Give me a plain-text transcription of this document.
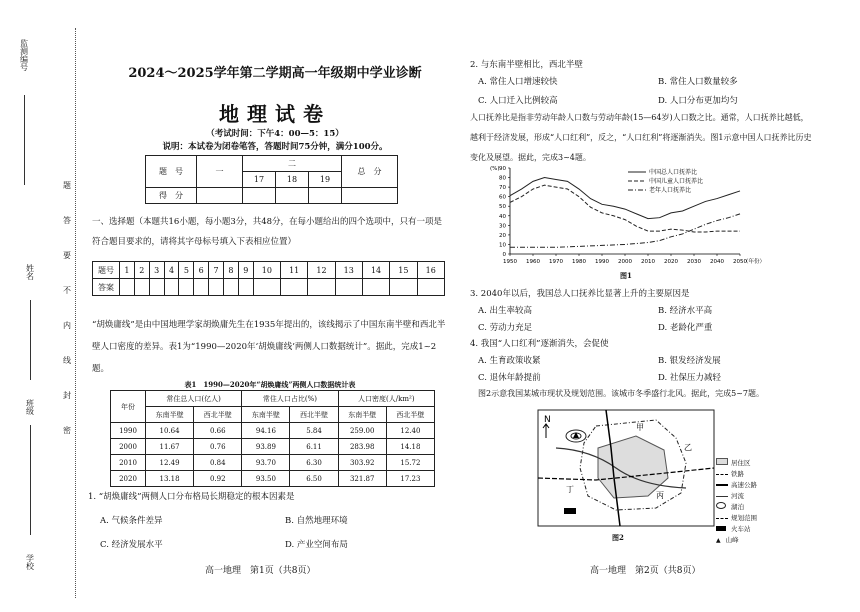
监测编号
姓名
班级
学校
题
答
要
不
内
线
封
密
2024～2025学年第二学期高一年级期中学业诊断
地理试卷
（考试时间：下午4：00—5：15）
说明：本试卷为闭卷笔答，答题时间75分钟，满分100分。
题　号	一	二			总　分
		17	18	19	
得　分					
一、选择题（本题共16小题，每小题3分，共48分，在每小题给出的四个选项中，只有一项是符合题目要求的，请将其字母标号填入下表相应位置）
题号	1	2	3	4	5	6	7	8	9	10	11	12	13	14	15	16
答案																
“胡焕庸线”是由中国地理学家胡焕庸先生在1935年提出的，该线揭示了中国东南半壁和西北半壁人口密度的差异。表1为“1990—2020年‘胡焕庸线’两侧人口数据统计”。据此，完成1~2题。
表1　1990—2020年“胡焕庸线”两侧人口数据统计表
年份	常住总人口(亿人)		常住人口占比(%)		人口密度(人/km²)	
	东南半壁	西北半壁	东南半壁	西北半壁	东南半壁	西北半壁
1990	10.64	0.66	94.16	5.84	259.00	12.40
2000	11.67	0.76	93.89	6.11	283.98	14.18
2010	12.49	0.84	93.70	6.30	303.92	15.72
2020	13.18	0.92	93.50	6.50	321.87	17.23
1. “胡焕庸线”两侧人口分布格局长期稳定的根本因素是
A. 气候条件差异	B. 自然地理环境
C. 经济发展水平	D. 产业空间布局
高一地理　第1页（共8页）	高一地理　第2页（共8页）
2. 与东南半壁相比，西北半壁
A. 常住人口增速较快	B. 常住人口数量较多
C. 人口迁入比例较高	D. 人口分布更加均匀
人口抚养比是指非劳动年龄人口数与劳动年龄(15—64岁)人口数之比。通常，人口抚养比越低，越利于经济发展，形成“人口红利”，反之，“人口红利”将逐渐消失。图1示意中国人口抚养比历史变化及展望。据此，完成3~4题。
0
10
20
30
40
50
60
70
80
90
1950 1960 1970 1980 1990 2000 2010 2020 2030 2040 2050
(%)
（年份）
中国总人口抚养比
中国儿童人口抚养比
老年人口抚养比
图1
3. 2040年以后，我国总人口抚养比显著上升的主要原因是
A. 出生率较高	B. 经济水平高
C. 劳动力充足	D. 老龄化严重
4. 我国“人口红利”逐渐消失，会促使
A. 生育政策收紧	B. 银发经济发展
C. 退休年龄提前	D. 社保压力减轻
图2示意我国某城市现状及规划范围。该城市冬季盛行北风。据此，完成5~7题。
N
甲
乙
丙
丁
居住区
铁路
高速公路
河流
湖泊
规划范围
火车站
▲ 山峰
图2
